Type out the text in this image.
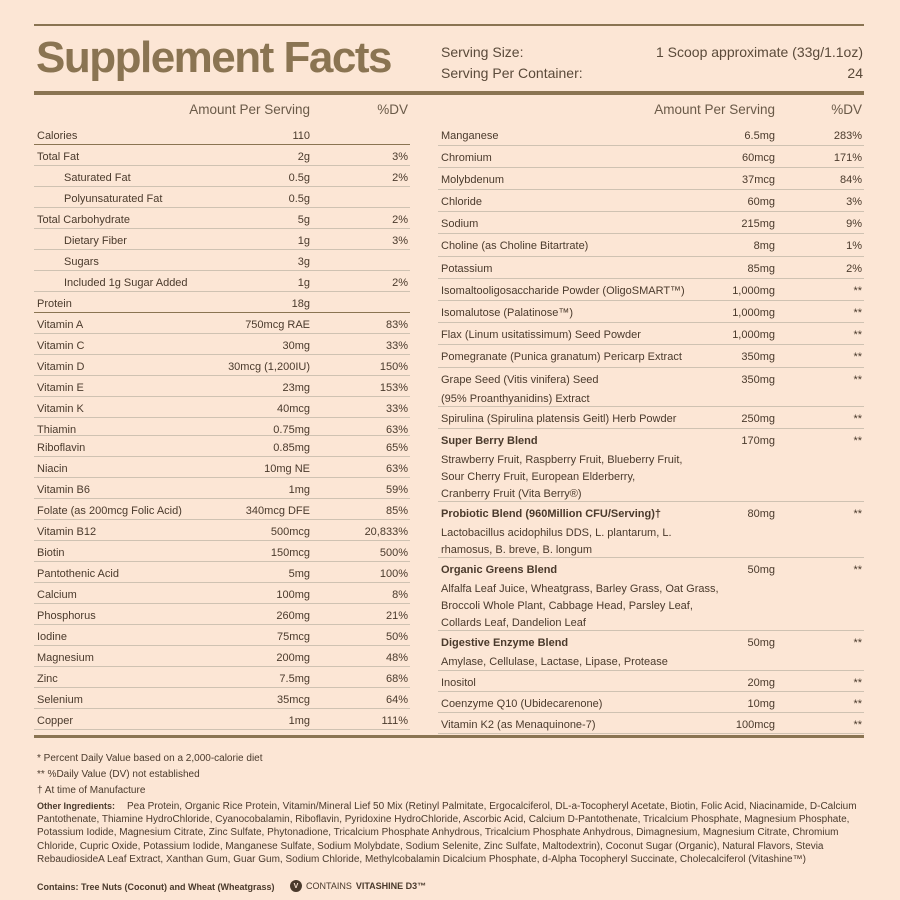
Supplement Facts	Serving Size:	1 Scoop approximate (33g/1.1oz)
Serving Per Container:	24
Amount Per Serving	%DV
Calories	110
Total Fat	2g	3%
Saturated Fat	0.5g	2%
Polyunsaturated Fat	0.5g
Total Carbohydrate	5g	2%
Dietary Fiber	1g	3%
Sugars	3g
Included 1g Sugar Added	1g	2%
Protein	18g
Vitamin A	750mcg RAE	83%
Vitamin C	30mg	33%
Vitamin D	30mcg (1,200IU)	150%
Vitamin E	23mg	153%
Vitamin K	40mcg	33%
Thiamin	0.75mg	63%
Riboflavin	0.85mg	65%
Niacin	10mg NE	63%
Vitamin B6	1mg	59%
Folate (as 200mcg Folic Acid)	340mcg DFE	85%
Vitamin B12	500mcg	20,833%
Biotin	150mcg	500%
Pantothenic Acid	5mg	100%
Calcium	100mg	8%
Phosphorus	260mg	21%
Iodine	75mcg	50%
Magnesium	200mg	48%
Zinc	7.5mg	68%
Selenium	35mcg	64%
Copper	1mg	111%
Amount Per Serving	%DV
Manganese	6.5mg	283%
Chromium	60mcg	171%
Molybdenum	37mcg	84%
Chloride	60mg	3%
Sodium	215mg	9%
Choline (as Choline Bitartrate)	8mg	1%
Potassium	85mg	2%
Isomaltooligosaccharide Powder (OligoSMART™)	1,000mg	**
Isomalutose (Palatinose™)	1,000mg	**
Flax (Linum usitatissimum) Seed Powder	1,000mg	**
Pomegranate (Punica granatum) Pericarp Extract	350mg	**
Grape Seed (Vitis vinifera) Seed	350mg	**
(95% Proanthyanidins) Extract
Spirulina (Spirulina platensis Geitl) Herb Powder	250mg	**
Super Berry Blend	170mg	**
Strawberry Fruit, Raspberry Fruit, Blueberry Fruit,
Sour Cherry Fruit, European Elderberry,
Cranberry Fruit (Vita Berry®)
Probiotic Blend (960Million CFU/Serving)†	80mg	**
Lactobacillus acidophilus DDS, L. plantarum, L.
rhamosus, B. breve, B. longum
Organic Greens Blend	50mg	**
Alfalfa Leaf Juice, Wheatgrass, Barley Grass, Oat Grass,
Broccoli Whole Plant, Cabbage Head, Parsley Leaf,
Collards Leaf, Dandelion Leaf
Digestive Enzyme Blend	50mg	**
Amylase, Cellulase, Lactase, Lipase, Protease
Inositol	20mg	**
Coenzyme Q10 (Ubidecarenone)	10mg	**
Vitamin K2 (as Menaquinone-7)	100mcg	**
* Percent Daily Value based on a 2,000-calorie diet
** %Daily Value (DV) not established
† At time of Manufacture
Other Ingredients: Pea Protein, Organic Rice Protein, Vitamin/Mineral Lief 50 Mix (Retinyl Palmitate, Ergocalciferol, DL-a-Tocopheryl Acetate, Biotin, Folic Acid, Niacinamide, D-Calcium Pantothenate, Thiamine HydroChloride, Cyanocobalamin, Riboflavin, Pyridoxine HydroChloride, Ascorbic Acid, Calcium D-Pantothenate, Tricalcium Phosphate, Magnesium Phosphate, Potassium Iodide, Magnesium Citrate, Zinc Sulfate, Phytonadione, Tricalcium Phosphate Anhydrous, Tricalcium Phosphate Anhydrous, Dimagnesium, Magnesium Citrate, Chromium Chloride, Cupric Oxide, Potassium Iodide, Manganese Sulfate, Sodium Molybdate, Sodium Selenite, Zinc Sulfate, Maltodextrin), Coconut Sugar (Organic), Natural Flavors, Stevia RebaudiosideA Leaf Extract, Xanthan Gum, Guar Gum, Sodium Chloride, Methylcobalamin Dicalcium Phosphate, d-Alpha Tocopheryl Succinate, Cholecalciferol (Vitashine™)
Contains: Tree Nuts (Coconut) and Wheat (Wheatgrass)	V CONTAINS VITASHINE D3™
